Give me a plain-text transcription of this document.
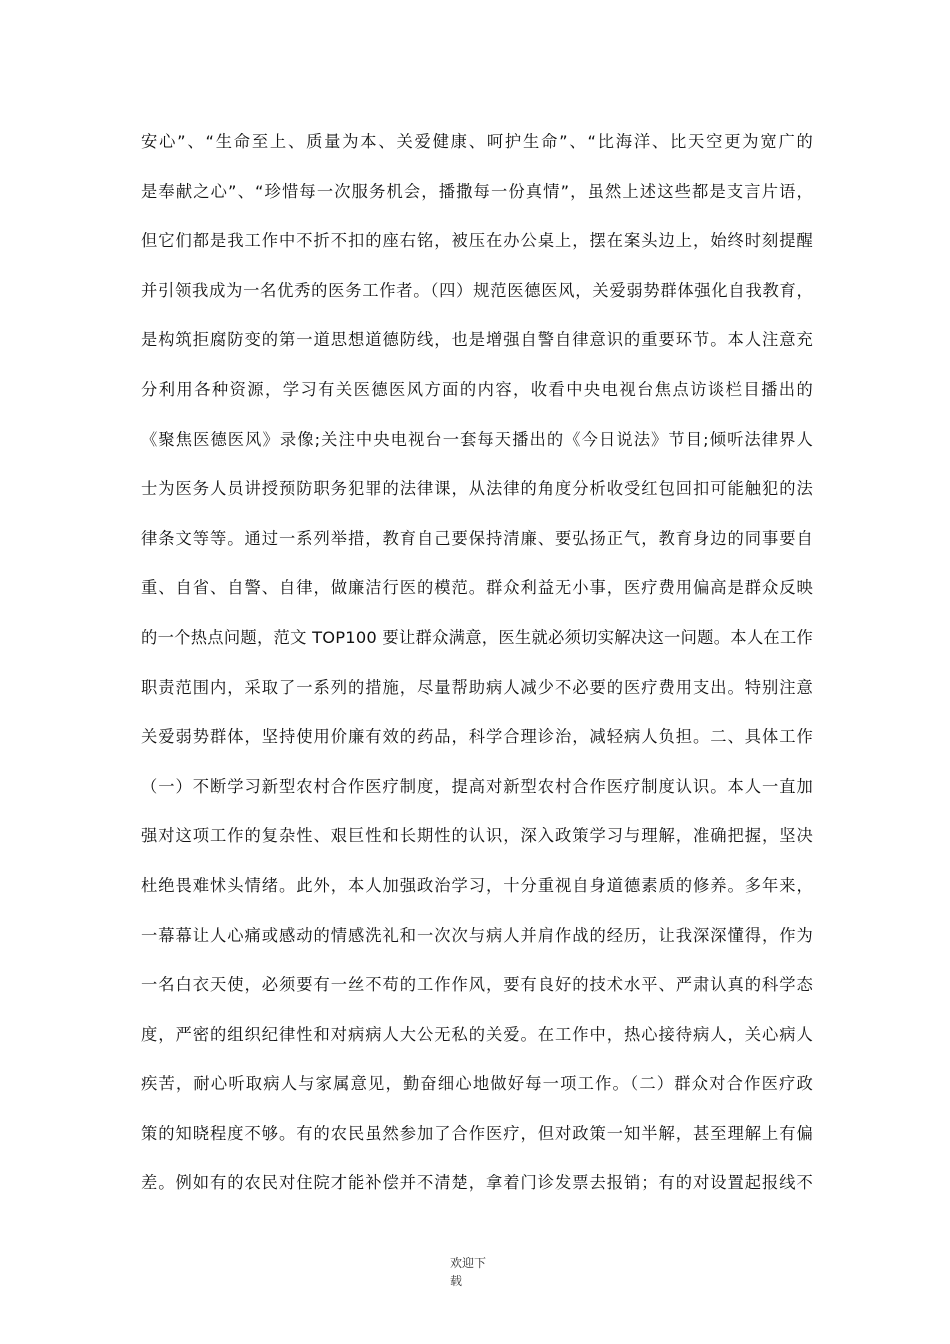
安心”、“生命至上、质量为本、关爱健康、呵护生命”、“比海洋、比天空更为宽广的
是奉献之心”、“珍惜每一次服务机会，播撒每一份真情”，虽然上述这些都是支言片语，
但它们都是我工作中不折不扣的座右铭，被压在办公桌上，摆在案头边上，始终时刻提醒
并引领我成为一名优秀的医务工作者。（四）规范医德医风，关爱弱势群体强化自我教育，
是构筑拒腐防变的第一道思想道德防线，也是增强自警自律意识的重要环节。本人注意充
分利用各种资源，学习有关医德医风方面的内容，收看中央电视台焦点访谈栏目播出的
《聚焦医德医风》录像;关注中央电视台一套每天播出的《今日说法》节目;倾听法律界人
士为医务人员讲授预防职务犯罪的法律课，从法律的角度分析收受红包回扣可能触犯的法
律条文等等。通过一系列举措，教育自己要保持清廉、要弘扬正气，教育身边的同事要自
重、自省、自警、自律，做廉洁行医的模范。群众利益无小事，医疗费用偏高是群众反映
的一个热点问题，范文 TOP100 要让群众满意，医生就必须切实解决这一问题。本人在工作
职责范围内，采取了一系列的措施，尽量帮助病人减少不必要的医疗费用支出。特别注意
关爱弱势群体，坚持使用价廉有效的药品，科学合理诊治，减轻病人负担。二、具体工作
（一）不断学习新型农村合作医疗制度，提高对新型农村合作医疗制度认识。本人一直加
强对这项工作的复杂性、艰巨性和长期性的认识，深入政策学习与理解，准确把握，坚决
杜绝畏难怵头情绪。此外，本人加强政治学习，十分重视自身道德素质的修养。多年来，
一幕幕让人心痛或感动的情感洗礼和一次次与病人并肩作战的经历，让我深深懂得，作为
一名白衣天使，必须要有一丝不苟的工作作风，要有良好的技术水平、严肃认真的科学态
度，严密的组织纪律性和对病病人大公无私的关爱。在工作中，热心接待病人，关心病人
疾苦，耐心听取病人与家属意见，勤奋细心地做好每一项工作。（二）群众对合作医疗政
策的知晓程度不够。有的农民虽然参加了合作医疗，但对政策一知半解，甚至理解上有偏
差。例如有的农民对住院才能补偿并不清楚，拿着门诊发票去报销；有的对设置起报线不
欢迎下
载
